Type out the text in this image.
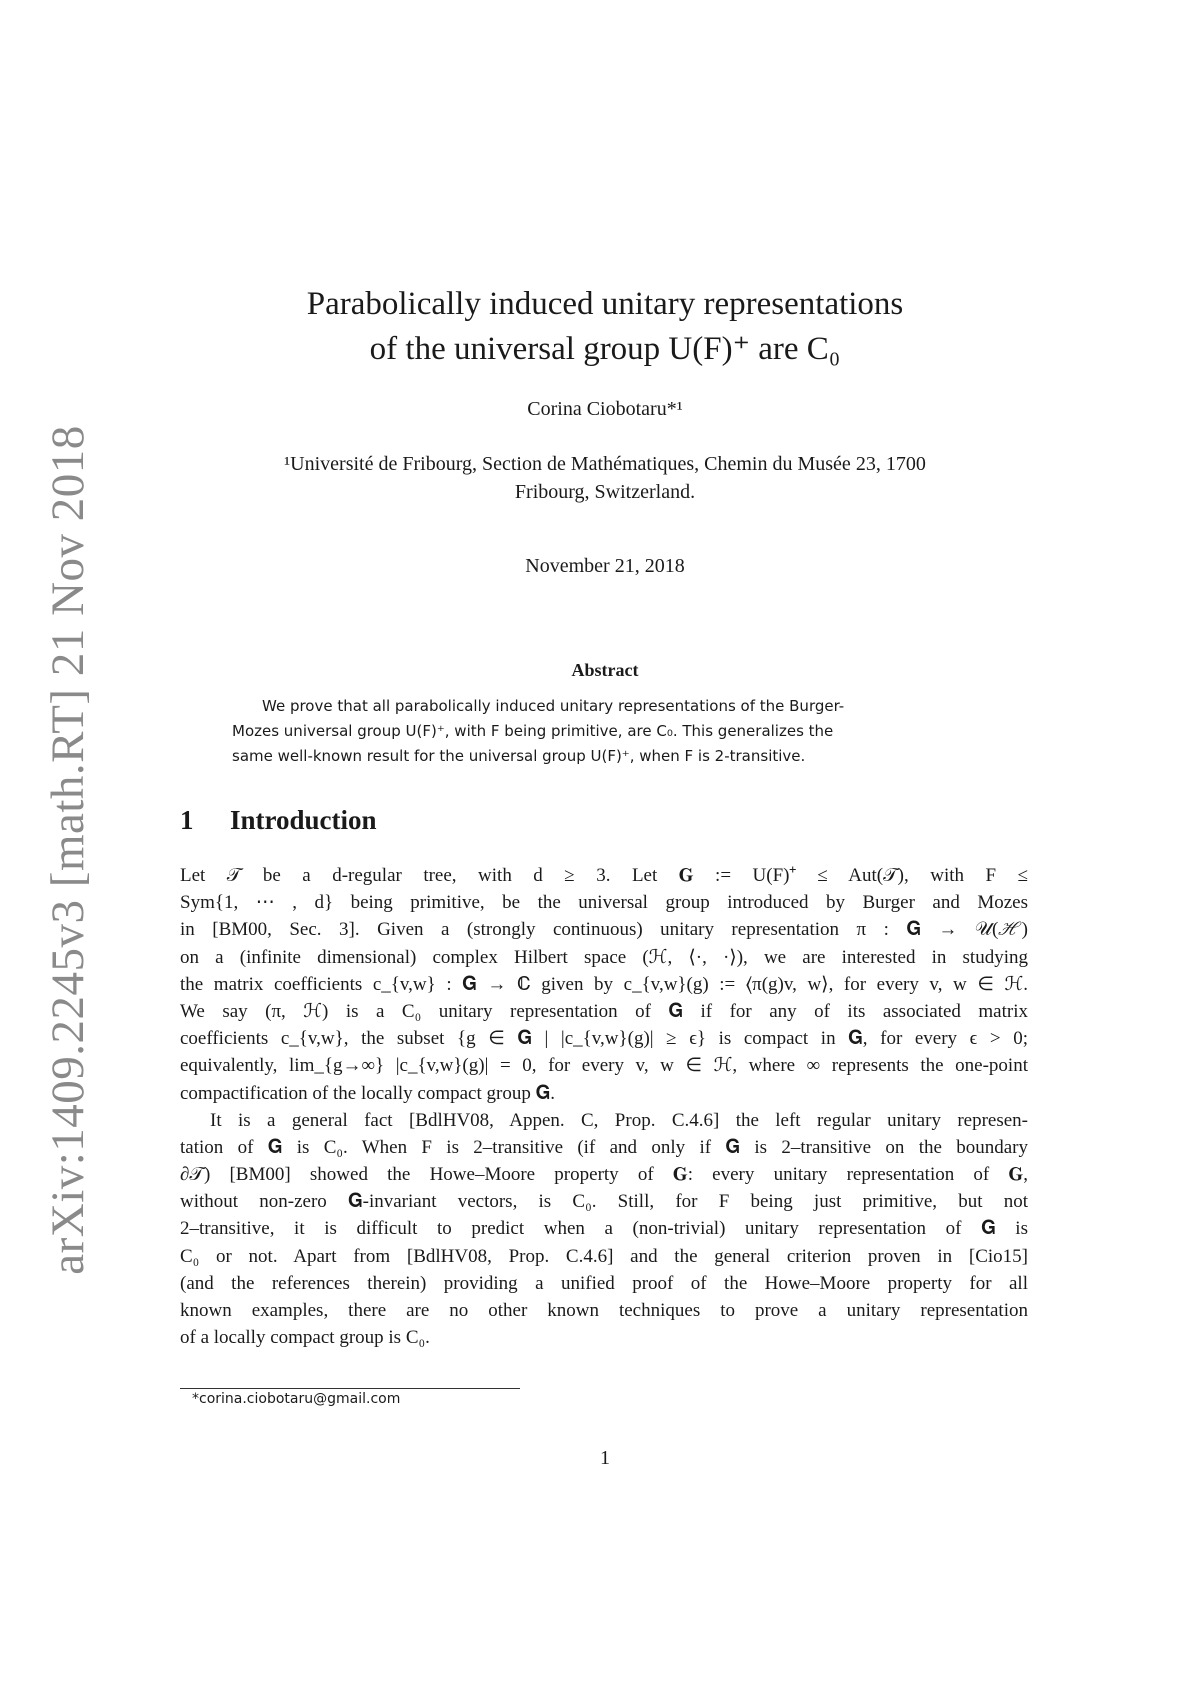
arXiv:1409.2245v3 [math.RT] 21 Nov 2018
Parabolically induced unitary representations
of the universal group U(F)⁺ are C₀
Corina Ciobotaru*¹
¹Université de Fribourg, Section de Mathématiques, Chemin du Musée 23, 1700
Fribourg, Switzerland.
November 21, 2018
Abstract
We prove that all parabolically induced unitary representations of the Burger-
Mozes universal group U(F)⁺, with F being primitive, are C₀. This generalizes the
same well-known result for the universal group U(F)⁺, when F is 2-transitive.
1 Introduction
Let 𝒯 be a d-regular tree, with d ≥ 3. Let 𝐆 := U(F)⁺ ≤ Aut(𝒯), with F ≤
Sym{1, ⋯ , d} being primitive, be the universal group introduced by Burger and Mozes
in [BM00, Sec. 3]. Given a (strongly continuous) unitary representation π : 𝐆 → 𝒰(ℋ)
on a (infinite dimensional) complex Hilbert space (ℋ, ⟨·, ·⟩), we are interested in studying
the matrix coefficients c_{v,w} : 𝐆 → ℂ given by c_{v,w}(g) := ⟨π(g)v, w⟩, for every v, w ∈ ℋ.
We say (π, ℋ) is a C₀ unitary representation of 𝐆 if for any of its associated matrix
coefficients c_{v,w}, the subset {g ∈ 𝐆 | |c_{v,w}(g)| ≥ ϵ} is compact in 𝐆, for every ϵ > 0;
equivalently, lim_{g→∞} |c_{v,w}(g)| = 0, for every v, w ∈ ℋ, where ∞ represents the one-point
compactification of the locally compact group 𝐆.
It is a general fact [BdlHV08, Appen. C, Prop. C.4.6] the left regular unitary represen-
tation of 𝐆 is C₀. When F is 2–transitive (if and only if 𝐆 is 2–transitive on the boundary
∂𝒯) [BM00] showed the Howe–Moore property of 𝐆: every unitary representation of 𝐆,
without non-zero 𝐆-invariant vectors, is C₀. Still, for F being just primitive, but not
2–transitive, it is difficult to predict when a (non-trivial) unitary representation of 𝐆 is
C₀ or not. Apart from [BdlHV08, Prop. C.4.6] and the general criterion proven in [Cio15]
(and the references therein) providing a unified proof of the Howe–Moore property for all
known examples, there are no other known techniques to prove a unitary representation
of a locally compact group is C₀.
*corina.ciobotaru@gmail.com
1
